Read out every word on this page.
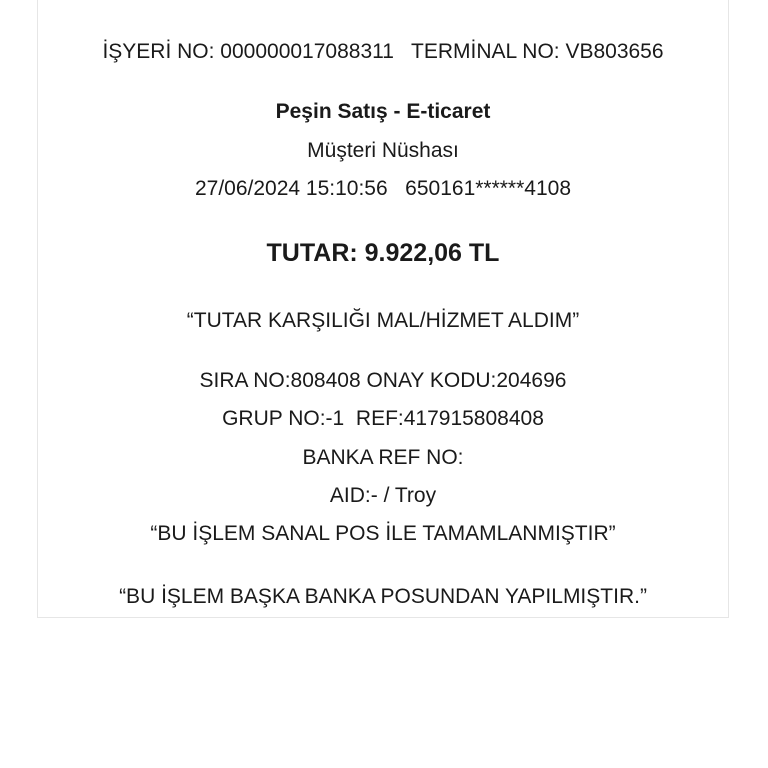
İŞYERİ NO: 000000017088311   TERMİNAL NO: VB803656
Peşin Satış - E-ticaret
Müşteri Nüshası
27/06/2024 15:10:56   650161******4108
TUTAR: 9.922,06 TL
“TUTAR KARŞILIĞI MAL/HİZMET ALDIM”
SIRA NO:808408 ONAY KODU:204696
GRUP NO:-1  REF:417915808408
BANKA REF NO:
AID:- / Troy
“BU İŞLEM SANAL POS İLE TAMAMLANMIŞTIR”
“BU İŞLEM BAŞKA BANKA POSUNDAN YAPILMIŞTIR.”
